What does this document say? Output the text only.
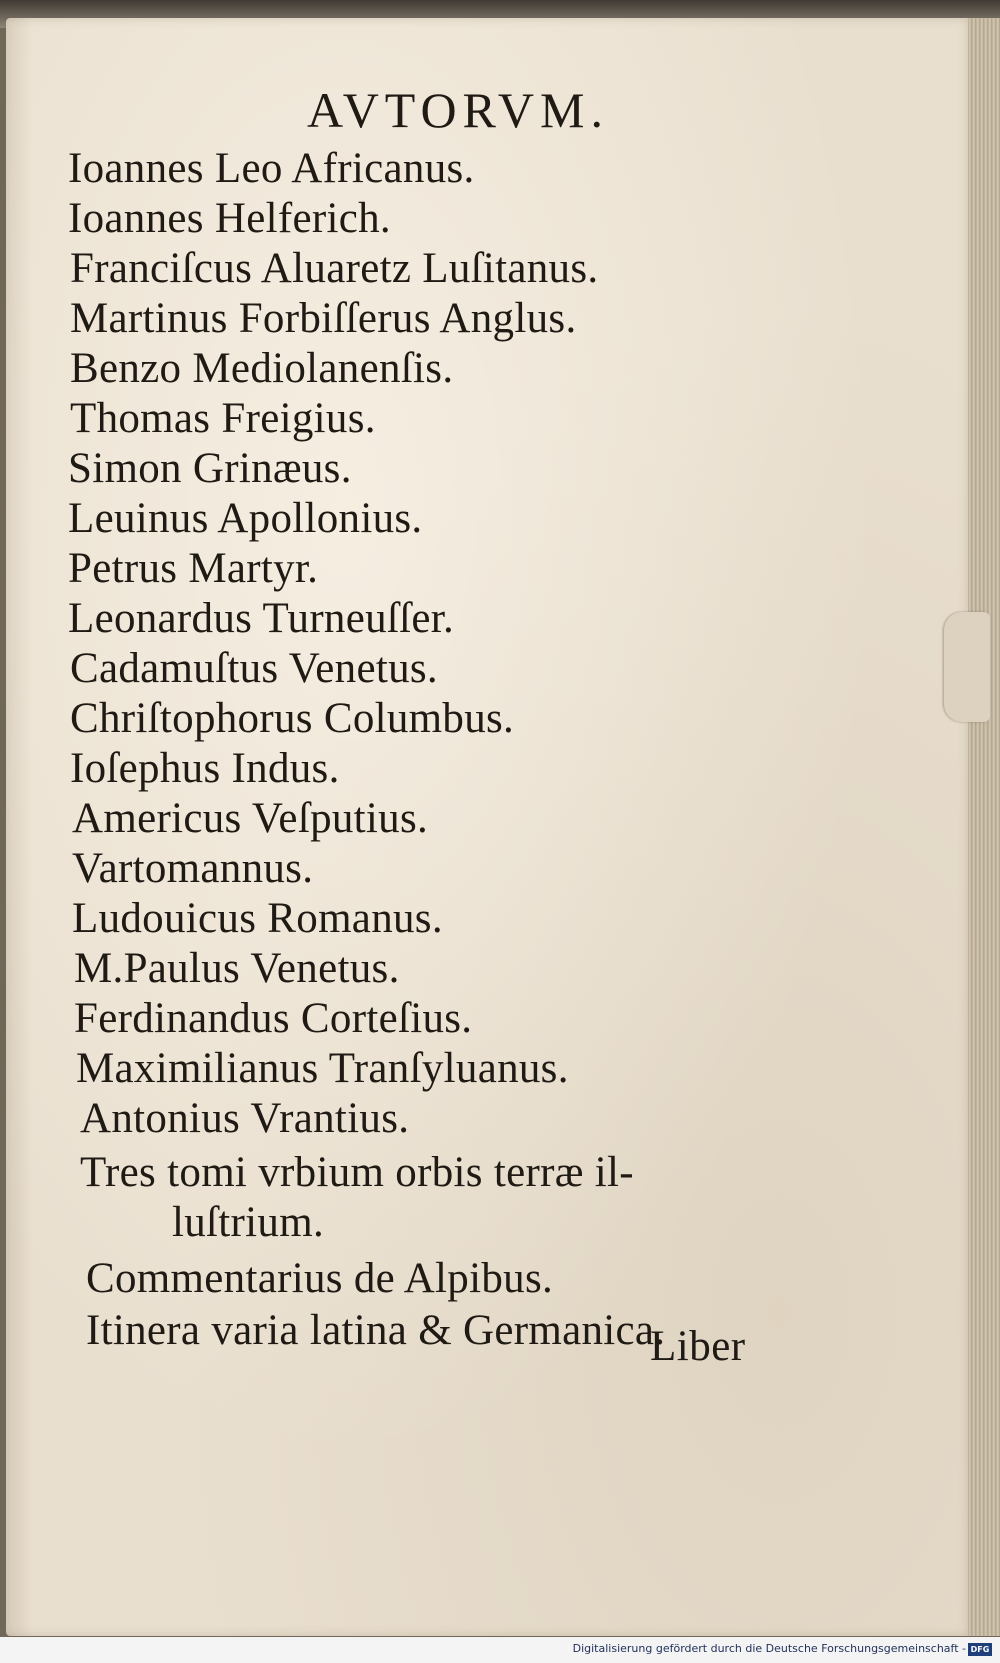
AVTORVM.
Ioannes Leo Africanus.
Ioannes Helferich.
Franciſcus Aluaretz Luſitanus.
Martinus Forbiſſerus Anglus.
Benzo Mediolanenſis.
Thomas Freigius.
Simon Grinæus.
Leuinus Apollonius.
Petrus Martyr.
Leonardus Turneuſſer.
Cadamuſtus Venetus.
Chriſtophorus Columbus.
Ioſephus Indus.
Americus Veſputius.
Vartomannus.
Ludouicus Romanus.
M.Paulus Venetus.
Ferdinandus Corteſius.
Maximilianus Tranſyluanus.
Antonius Vrantius.
Tres tomi vrbium orbis terræ il-
luſtrium.
Commentarius de Alpibus.
Itinera varia latina & Germanica.
Liber
Digitalisierung gefördert durch die Deutsche Forschungsgemeinschaft - DFG
